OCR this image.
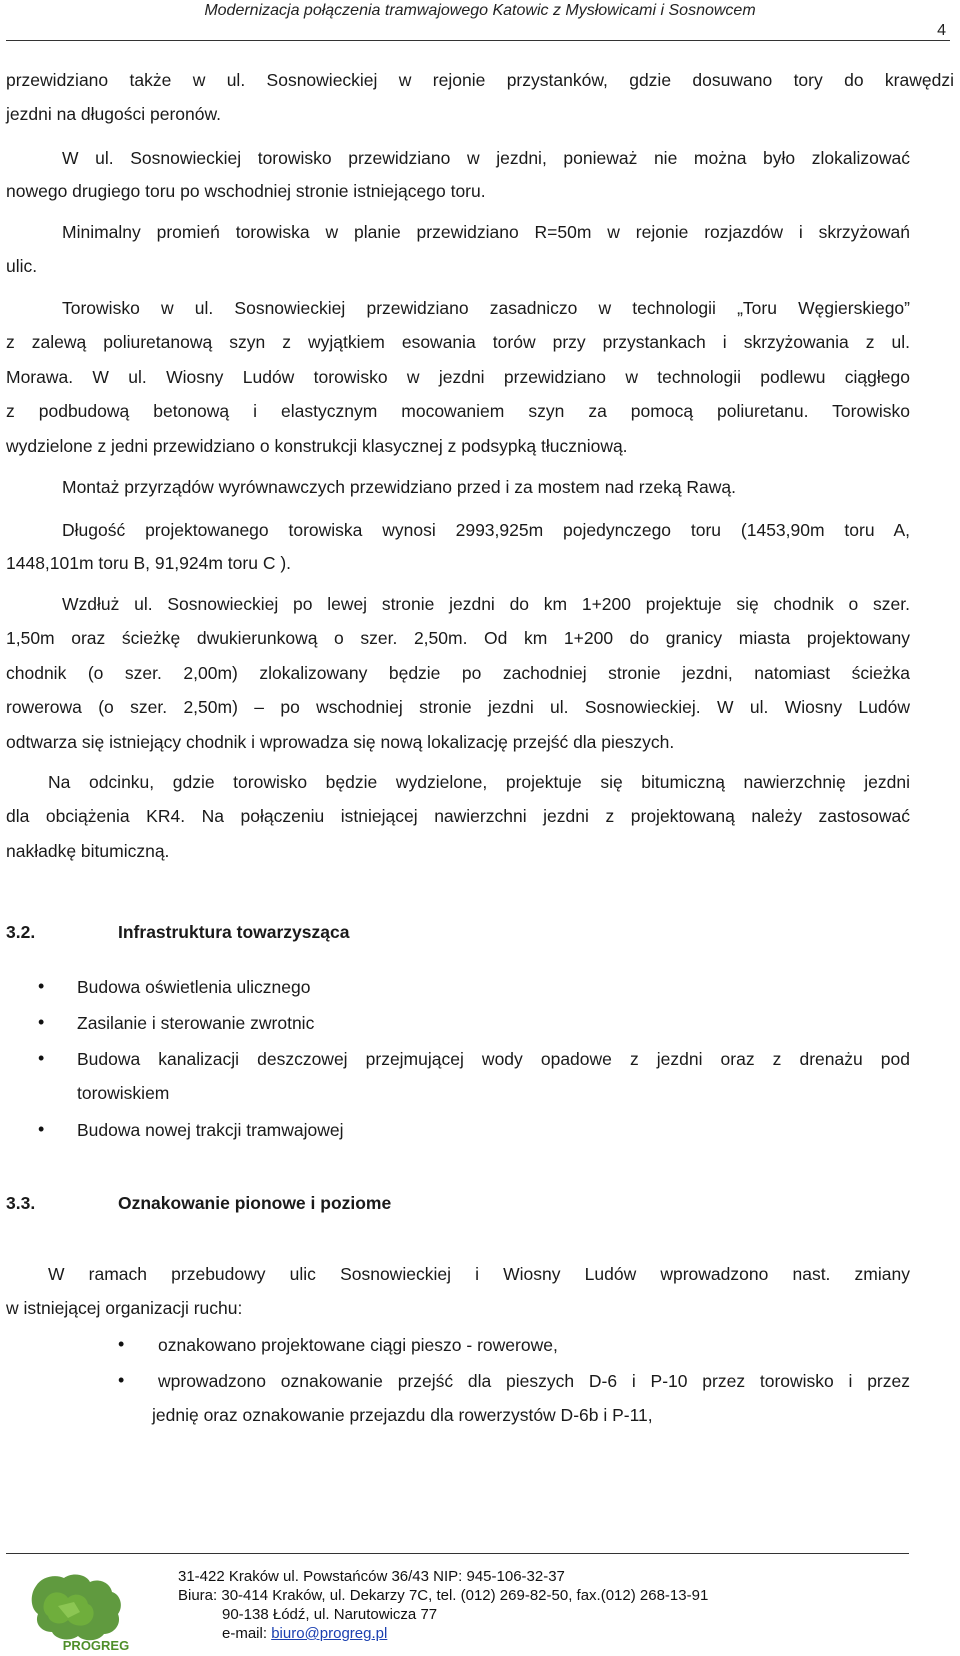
Modernizacja połączenia tramwajowego Katowic z Mysłowicami i Sosnowcem
4
przewidziano także w ul. Sosnowieckiej w rejonie przystanków, gdzie dosuwano tory do krawędzi
jezdni na długości peronów.
W ul. Sosnowieckiej torowisko przewidziano w jezdni, ponieważ nie można było zlokalizować
nowego drugiego toru po wschodniej stronie istniejącego toru.
Minimalny promień torowiska w planie przewidziano R=50m w rejonie rozjazdów i skrzyżowań
ulic.
Torowisko w ul. Sosnowieckiej przewidziano zasadniczo w technologii „Toru Węgierskiego”
z zalewą poliuretanową szyn z wyjątkiem esowania torów przy przystankach i skrzyżowania z ul.
Morawa. W ul. Wiosny Ludów torowisko w jezdni przewidziano w technologii podlewu ciągłego
z podbudową betonową i elastycznym mocowaniem szyn za pomocą poliuretanu. Torowisko
wydzielone z jedni przewidziano o konstrukcji klasycznej z podsypką tłuczniową.
Montaż przyrządów wyrównawczych przewidziano przed i za mostem nad rzeką Rawą.
Długość projektowanego torowiska wynosi 2993,925m pojedynczego toru (1453,90m toru A,
1448,101m toru B, 91,924m toru C ).
Wzdłuż ul. Sosnowieckiej po lewej stronie jezdni do km 1+200 projektuje się chodnik o szer.
1,50m oraz ścieżkę dwukierunkową o szer. 2,50m. Od km 1+200 do granicy miasta projektowany
chodnik (o szer. 2,00m) zlokalizowany będzie po zachodniej stronie jezdni, natomiast ścieżka
rowerowa (o szer. 2,50m) – po wschodniej stronie jezdni ul. Sosnowieckiej. W ul. Wiosny Ludów
odtwarza się istniejący chodnik i wprowadza się nową lokalizację przejść dla pieszych.
Na odcinku, gdzie torowisko będzie wydzielone, projektuje się bitumiczną nawierzchnię jezdni
dla obciążenia KR4. Na połączeniu istniejącej nawierzchni jezdni z projektowaną należy zastosować
nakładkę bitumiczną.
3.2.	Infrastruktura towarzysząca
• Budowa oświetlenia ulicznego
• Zasilanie i sterowanie zwrotnic
• Budowa kanalizacji deszczowej przejmującej wody opadowe z jezdni oraz z drenażu pod
torowiskiem
• Budowa nowej trakcji tramwajowej
3.3.	Oznakowanie pionowe i poziome
W ramach przebudowy ulic Sosnowieckiej i Wiosny Ludów wprowadzono nast. zmiany
w istniejącej organizacji ruchu:
• oznakowano projektowane ciągi pieszo - rowerowe,
• wprowadzono oznakowanie przejść dla pieszych D-6 i P-10 przez torowisko i przez
jednię oraz oznakowanie przejazdu dla rowerzystów D-6b i P-11,
PROGREG
31-422 Kraków ul. Powstańców 36/43 NIP: 945-106-32-37
Biura: 30-414 Kraków, ul. Dekarzy 7C, tel. (012) 269-82-50, fax.(012) 268-13-91
90-138 Łódź, ul. Narutowicza 77
e-mail: biuro@progreg.pl
